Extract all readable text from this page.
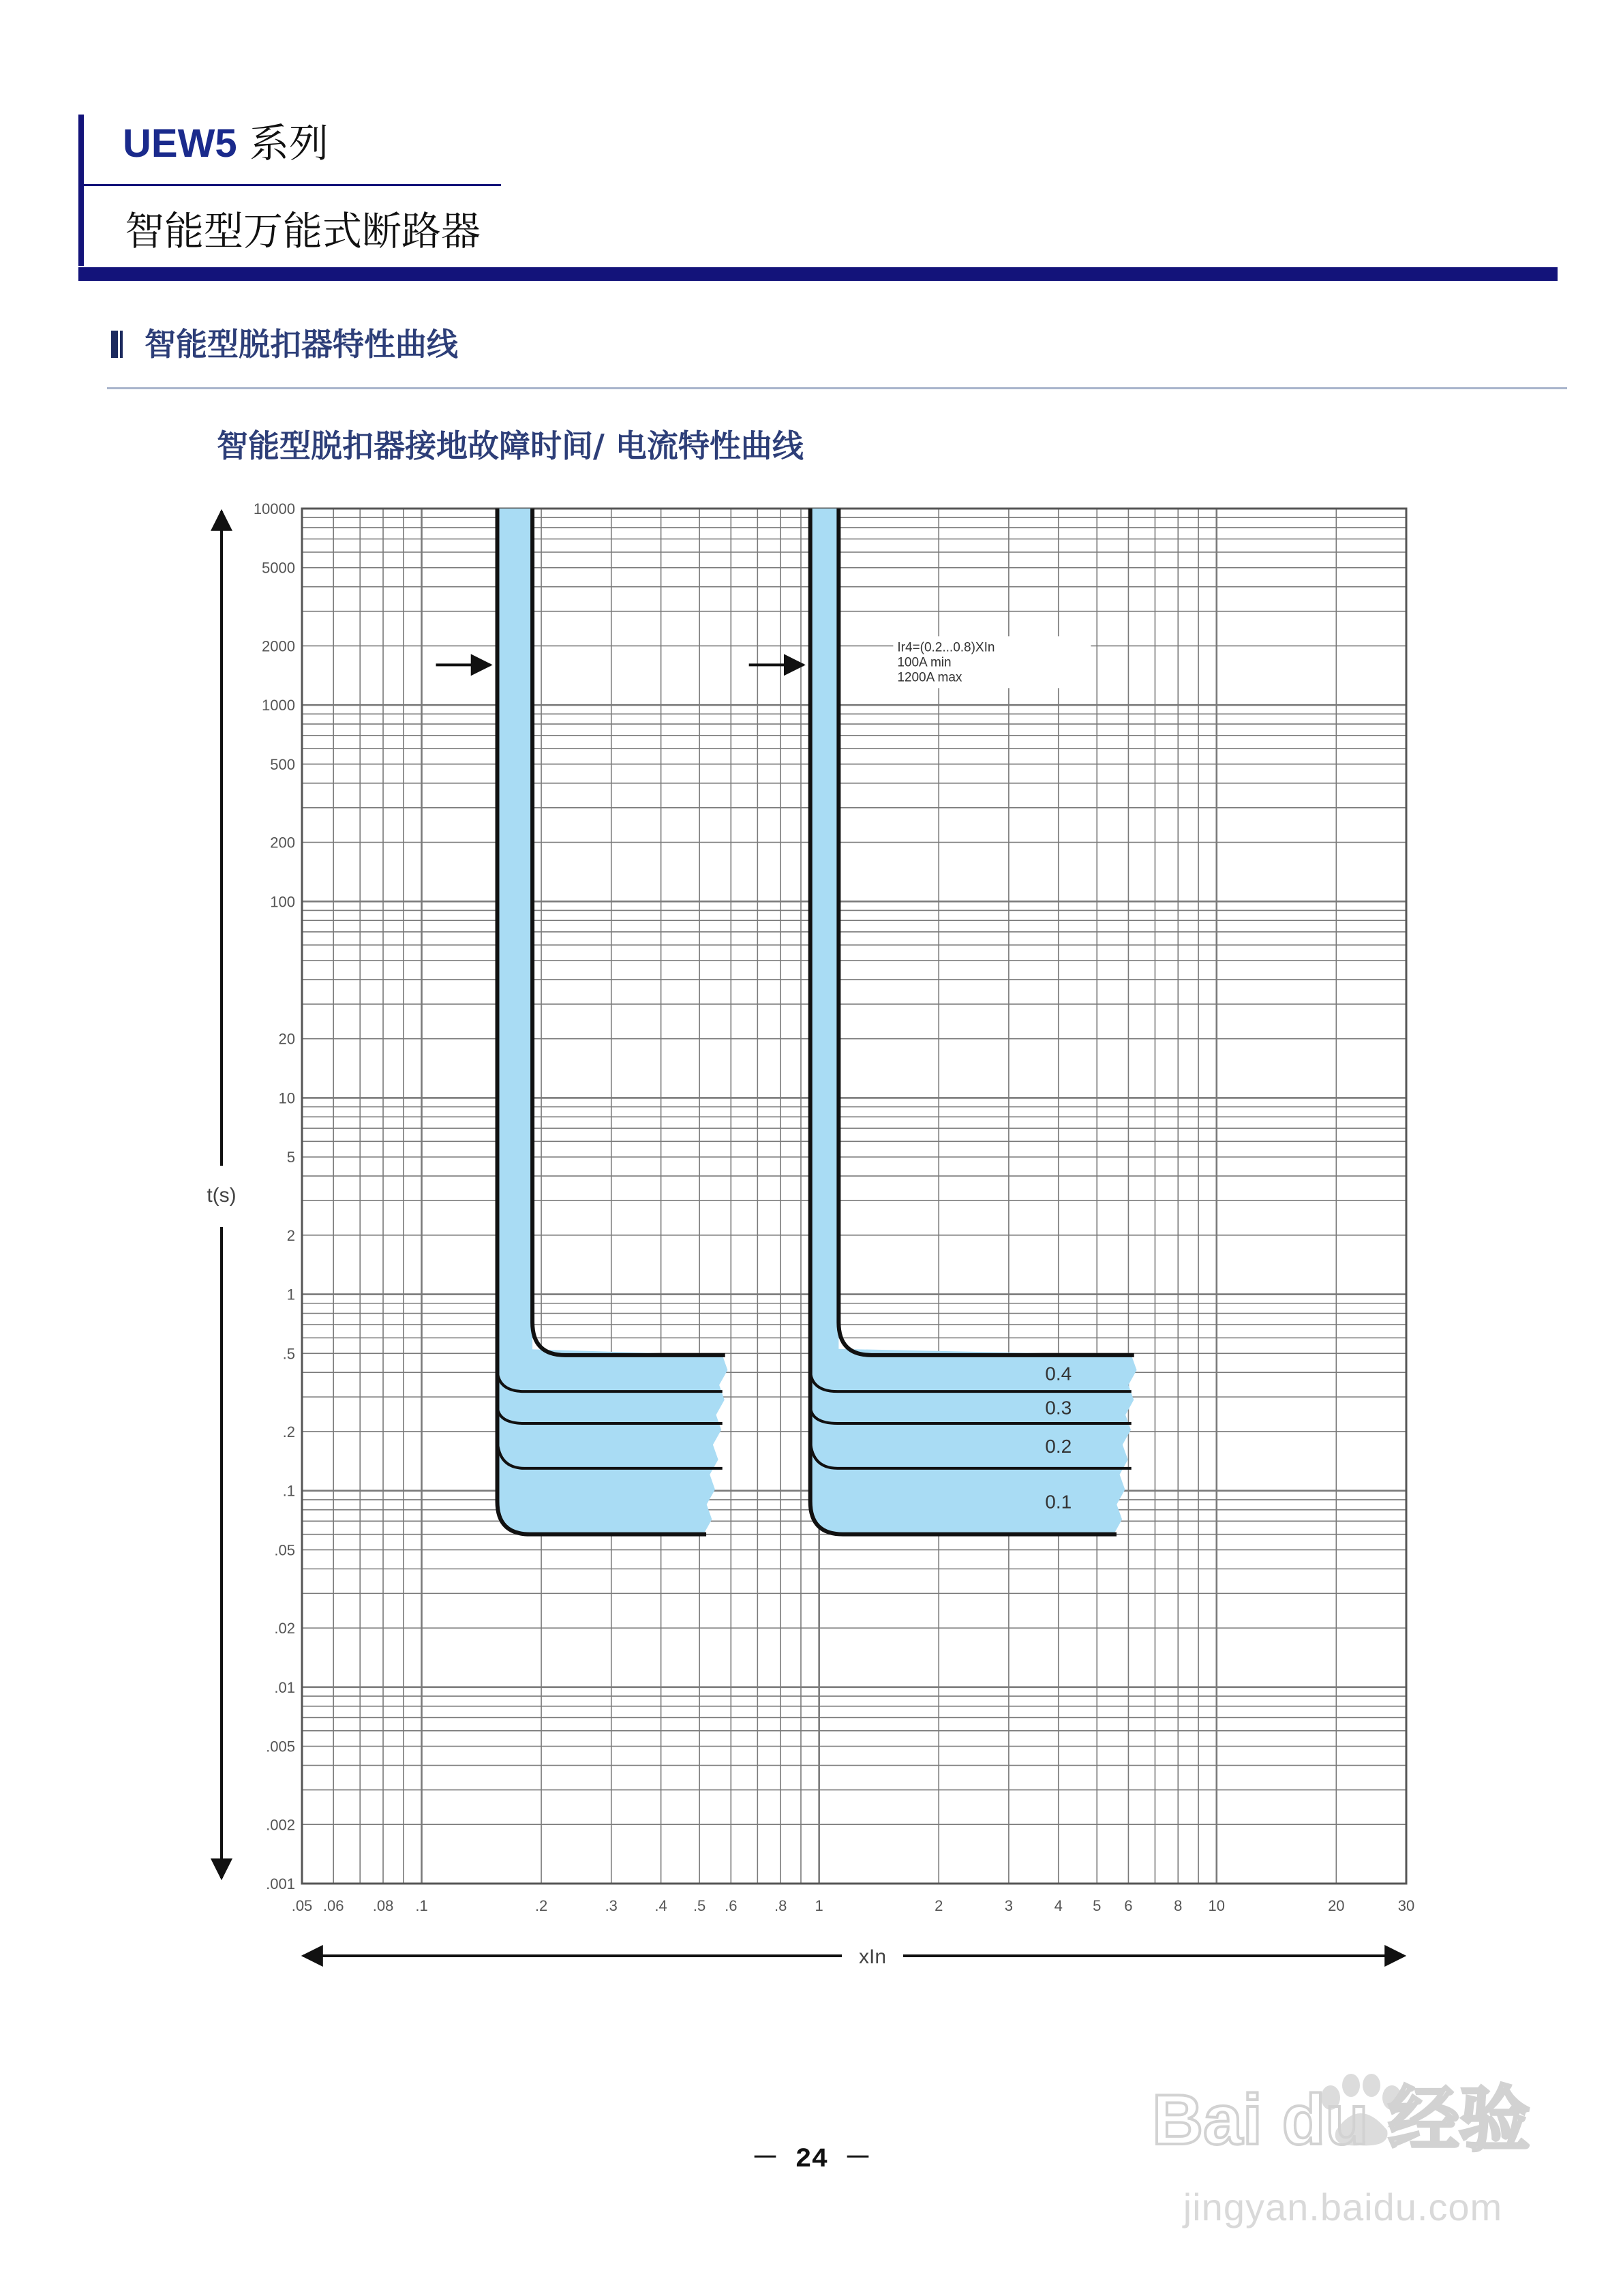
UEW5 系列
智能型万能式断路器
智能型脱扣器特性曲线
智能型脱扣器接地故障时间/ 电流特性曲线
0.4
0.3
0.2
0.1
.05 .06 .08 .1	.2	.3 .4 .5 .6 .8 1	2	3	4 5 6	8 10	20	30
10000
5000
2000
1000
500
200
100
20
10
5
2
1
.5
.2
.1
.05
.02
.01
.005
.002
.001
t(s)
xIn
Ir4=(0.2...0.8)XIn
100A min
1200A max
－ 24 －
Bai du 经验
jingyan.baidu.com
